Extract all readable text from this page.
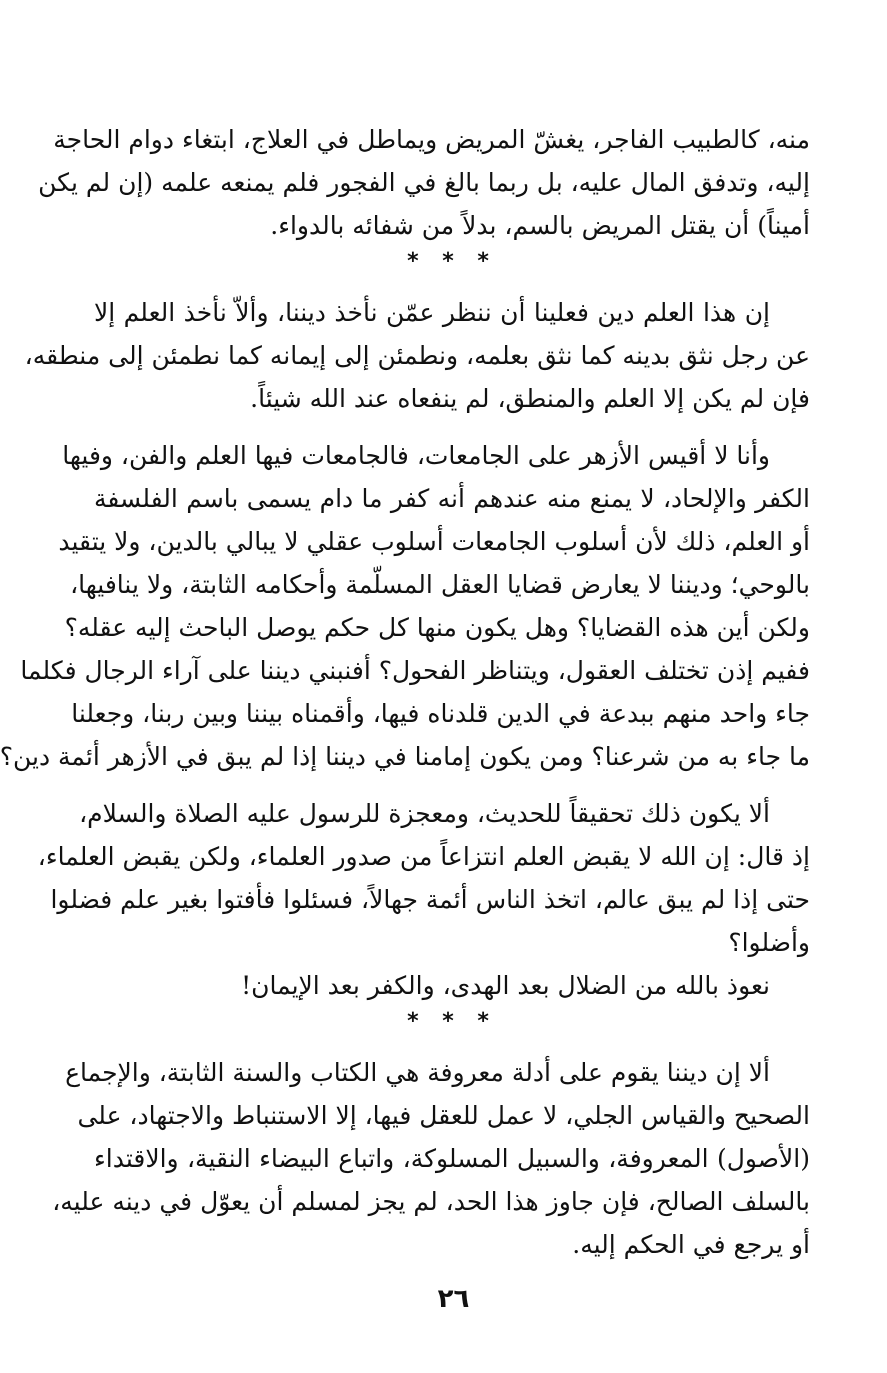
منه، كالطبيب الفاجر، يغشّ المريض ويماطل في العلاج، ابتغاء دوام الحاجة
إليه، وتدفق المال عليه، بل ربما بالغ في الفجور فلم يمنعه علمه (إن لم يكن
أميناً) أن يقتل المريض بالسم، بدلاً من شفائه بالدواء.
* * *
إن هذا العلم دين فعلينا أن ننظر عمّن نأخذ ديننا، وألاّ نأخذ العلم إلا
عن رجل نثق بدينه كما نثق بعلمه، ونطمئن إلى إيمانه كما نطمئن إلى منطقه،
فإن لم يكن إلا العلم والمنطق، لم ينفعاه عند الله شيئاً.
وأنا لا أقيس الأزهر على الجامعات، فالجامعات فيها العلم والفن، وفيها
الكفر والإلحاد، لا يمنع منه عندهم أنه كفر ما دام يسمى باسم الفلسفة
أو العلم، ذلك لأن أسلوب الجامعات أسلوب عقلي لا يبالي بالدين، ولا يتقيد
بالوحي؛ وديننا لا يعارض قضايا العقل المسلّمة وأحكامه الثابتة، ولا ينافيها،
ولكن أين هذه القضايا؟ وهل يكون منها كل حكم يوصل الباحث إليه عقله؟
ففيم إذن تختلف العقول، ويتناظر الفحول؟ أفنبني ديننا على آراء الرجال فكلما
جاء واحد منهم ببدعة في الدين قلدناه فيها، وأقمناه بيننا وبين ربنا، وجعلنا
ما جاء به من شرعنا؟ ومن يكون إمامنا في ديننا إذا لم يبق في الأزهر أئمة دين؟
ألا يكون ذلك تحقيقاً للحديث، ومعجزة للرسول عليه الصلاة والسلام،
إذ قال: إن الله لا يقبض العلم انتزاعاً من صدور العلماء، ولكن يقبض العلماء،
حتى إذا لم يبق عالم، اتخذ الناس أئمة جهالاً، فسئلوا فأفتوا بغير علم فضلوا
وأضلوا؟
نعوذ بالله من الضلال بعد الهدى، والكفر بعد الإيمان!
* * *
ألا إن ديننا يقوم على أدلة معروفة هي الكتاب والسنة الثابتة، والإجماع
الصحيح والقياس الجلي، لا عمل للعقل فيها، إلا الاستنباط والاجتهاد، على
(الأصول) المعروفة، والسبيل المسلوكة، واتباع البيضاء النقية، والاقتداء
بالسلف الصالح، فإن جاوز هذا الحد، لم يجز لمسلم أن يعوّل في دينه عليه،
أو يرجع في الحكم إليه.
٢٦
